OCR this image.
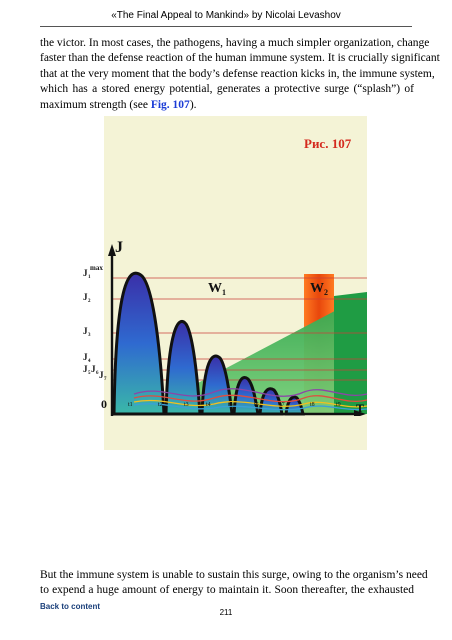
«The Final Appeal to Mankind» by Nicolai Levashov

the victor. In most cases, the pathogens, having a much simpler organization, change
faster than the defense reaction of the human immune system. It is crucially significant
that at the very moment that the body’s defense reaction kicks in, the immune system,
which has a stored energy potential, generates a protective surge (“splash”) of
maximum strength (see Fig. 107).

Рис. 107
J
T
0
J max
1
J 2
J 3
J 4
J 5 J 6 J 7
W 1	W 2
t1	t2	t3	t4	t5	t6	t7	t8	t9

But the immune system is unable to sustain this surge, owing to the organism’s need
to expend a huge amount of energy to maintain it. Soon thereafter, the exhausted

Back to content
211
